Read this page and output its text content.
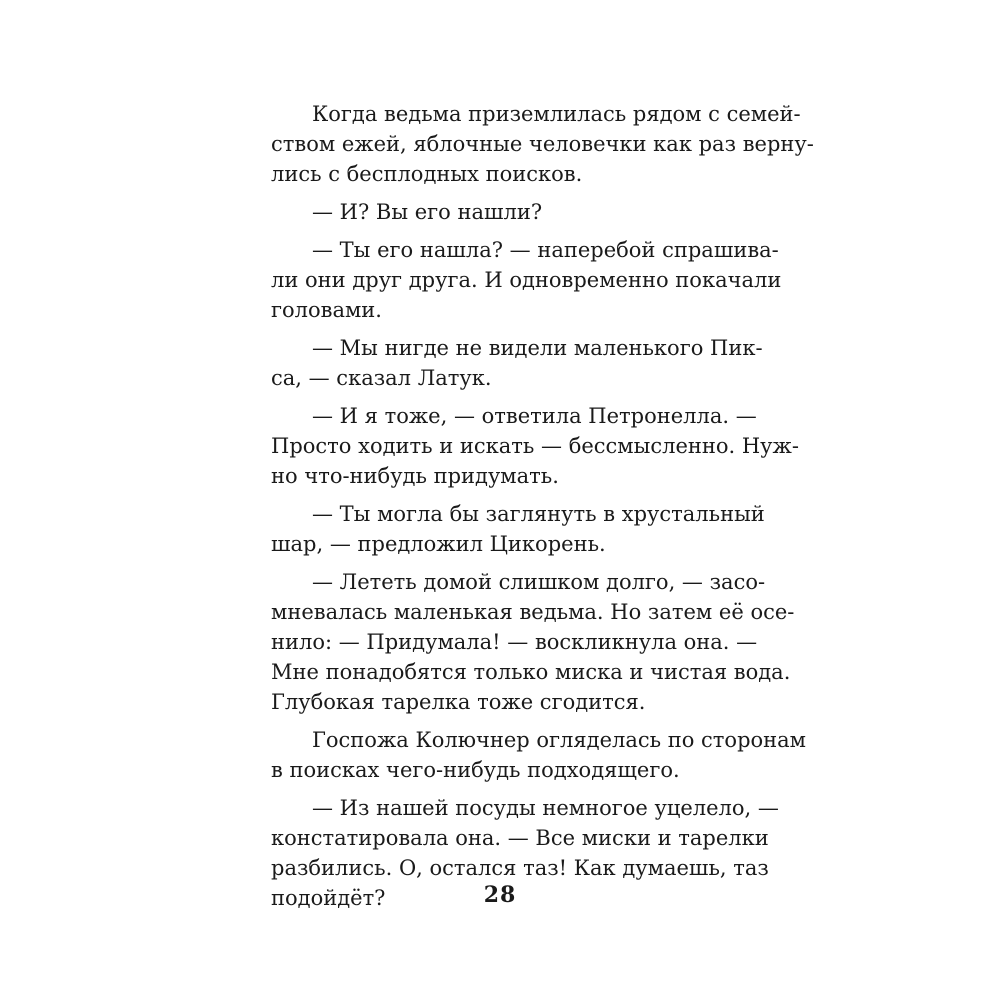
Когда ведьма приземлилась рядом с семей-
ством ежей, яблочные человечки как раз верну-
лись с бесплодных поисков.
— И? Вы его нашли?
— Ты его нашла? — наперебой спрашива-
ли они друг друга. И одновременно покачали
головами.
— Мы нигде не видели маленького Пик-
са, — сказал Латук.
— И я тоже, — ответила Петронелла. —
Просто ходить и искать — бессмысленно. Нуж-
но что-нибудь придумать.
— Ты могла бы заглянуть в хрустальный
шар, — предложил Цикорень.
— Лететь домой слишком долго, — засо-
мневалась маленькая ведьма. Но затем её осе-
нило: — Придумала! — воскликнула она. —
Мне понадобятся только миска и чистая вода.
Глубокая тарелка тоже сгодится.
Госпожа Колючнер огляделась по сторонам
в поисках чего-нибудь подходящего.
— Из нашей посуды немногое уцелело, —
констатировала она. — Все миски и тарелки
разбились. О, остался таз! Как думаешь, таз
подойдёт?	28
